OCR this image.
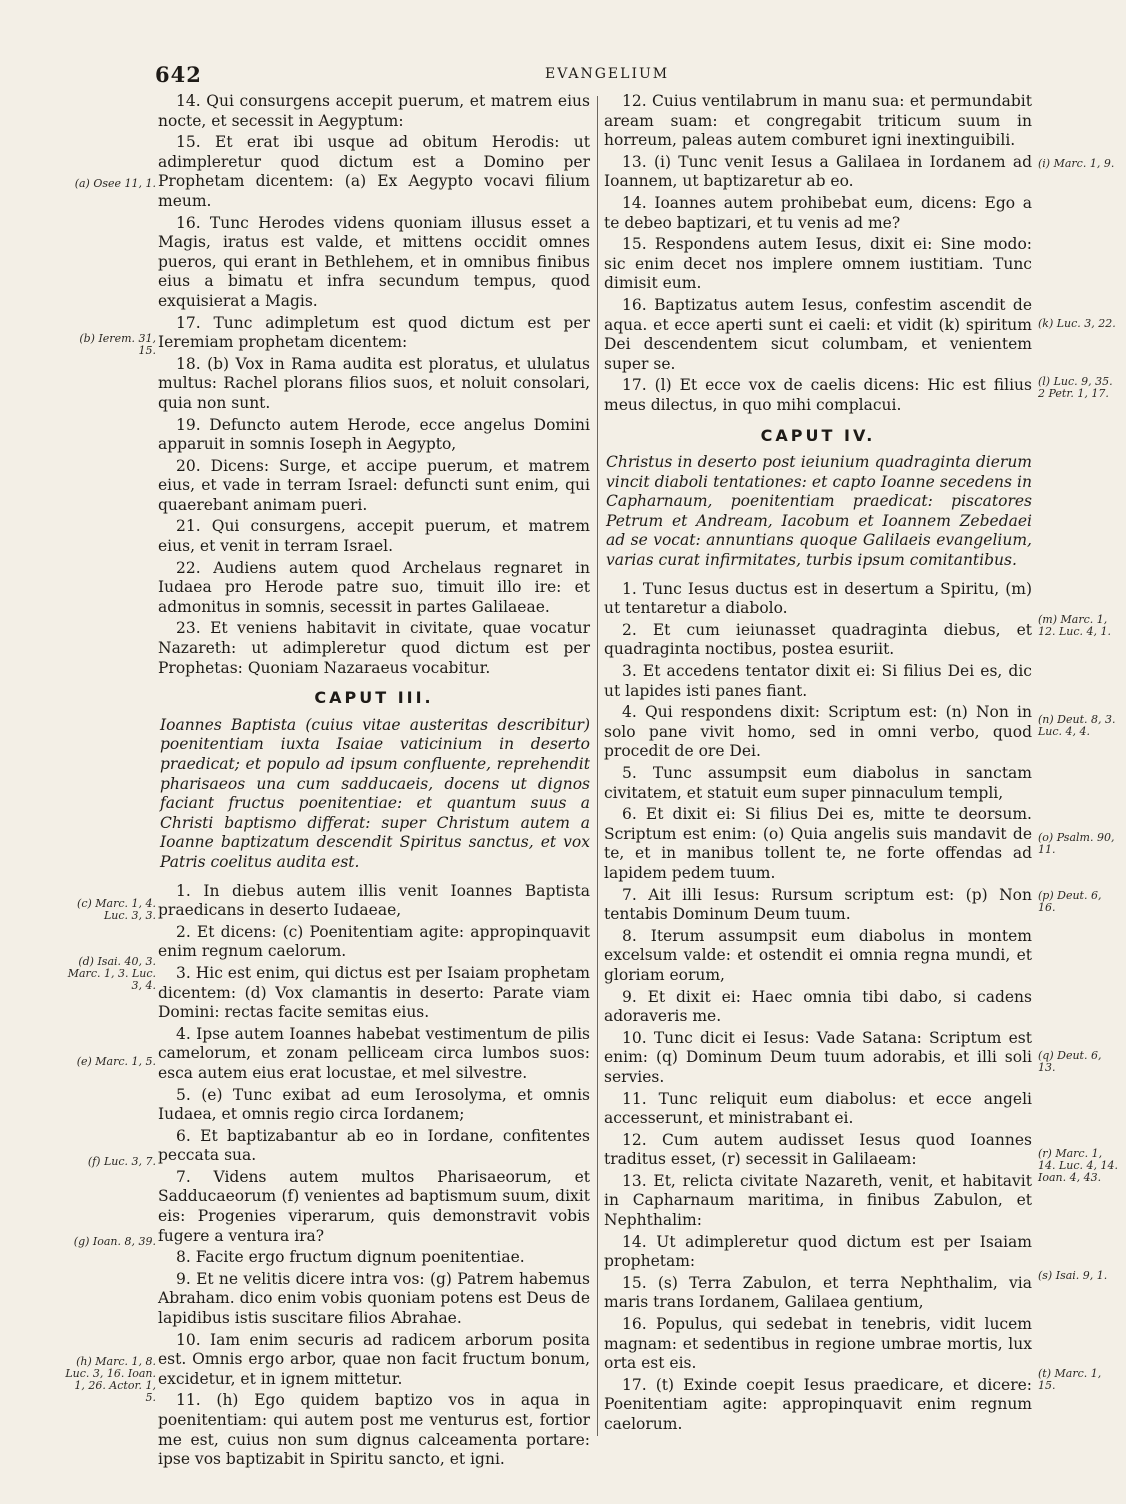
642	EVANGELIUM

14. Qui consurgens accepit puerum, et matrem eius nocte, et secessit in Aegyptum:

15. Et erat ibi usque ad obitum Herodis: ut adimpleretur quod dictum est a Domino per Prophetam dicentem: (a) Ex Aegypto vocavi filium meum.

16. Tunc Herodes videns quoniam illusus esset a Magis, iratus est valde, et mittens occidit omnes pueros, qui erant in Bethlehem, et in omnibus finibus eius a bimatu et infra secundum tempus, quod exquisierat a Magis.

17. Tunc adimpletum est quod dictum est per Ieremiam prophetam dicentem:

18. (b) Vox in Rama audita est ploratus, et ululatus multus: Rachel plorans filios suos, et noluit consolari, quia non sunt.

19. Defuncto autem Herode, ecce angelus Domini apparuit in somnis Ioseph in Aegypto,

20. Dicens: Surge, et accipe puerum, et matrem eius, et vade in terram Israel: defuncti sunt enim, qui quaerebant animam pueri.

21. Qui consurgens, accepit puerum, et matrem eius, et venit in terram Israel.

22. Audiens autem quod Archelaus regnaret in Iudaea pro Herode patre suo, timuit illo ire: et admonitus in somnis, secessit in partes Galilaeae.

23. Et veniens habitavit in civitate, quae vocatur Nazareth: ut adimpleretur quod dictum est per Prophetas: Quoniam Nazaraeus vocabitur.

CAPUT III.

Ioannes Baptista (cuius vitae austeritas describitur) poenitentiam iuxta Isaiae vaticinium in deserto praedicat; et populo ad ipsum confluente, reprehendit pharisaeos una cum sadducaeis, docens ut dignos faciant fructus poenitentiae: et quantum suus a Christi baptismo differat: super Christum autem a Ioanne baptizatum descendit Spiritus sanctus, et vox Patris coelitus audita est.

1. In diebus autem illis venit Ioannes Baptista praedicans in deserto Iudaeae,

2. Et dicens: (c) Poenitentiam agite: appropinquavit enim regnum caelorum.

3. Hic est enim, qui dictus est per Isaiam prophetam dicentem: (d) Vox clamantis in deserto: Parate viam Domini: rectas facite semitas eius.

4. Ipse autem Ioannes habebat vestimentum de pilis camelorum, et zonam pelliceam circa lumbos suos: esca autem eius erat locustae, et mel silvestre.

5. (e) Tunc exibat ad eum Ierosolyma, et omnis Iudaea, et omnis regio circa Iordanem;

6. Et baptizabantur ab eo in Iordane, confitentes peccata sua.

7. Videns autem multos Pharisaeorum, et Sadducaeorum (f) venientes ad baptismum suum, dixit eis: Progenies viperarum, quis demonstravit vobis fugere a ventura ira?

8. Facite ergo fructum dignum poenitentiae.

9. Et ne velitis dicere intra vos: (g) Patrem habemus Abraham. dico enim vobis quoniam potens est Deus de lapidibus istis suscitare filios Abrahae.

10. Iam enim securis ad radicem arborum posita est. Omnis ergo arbor, quae non facit fructum bonum, excidetur, et in ignem mittetur.

11. (h) Ego quidem baptizo vos in aqua in poenitentiam: qui autem post me venturus est, fortior me est, cuius non sum dignus calceamenta portare: ipse vos baptizabit in Spiritu sancto, et igni.

12. Cuius ventilabrum in manu sua: et permundabit aream suam: et congregabit triticum suum in horreum, paleas autem comburet igni inextinguibili.

13. (i) Tunc venit Iesus a Galilaea in Iordanem ad Ioannem, ut baptizaretur ab eo.

14. Ioannes autem prohibebat eum, dicens: Ego a te debeo baptizari, et tu venis ad me?

15. Respondens autem Iesus, dixit ei: Sine modo: sic enim decet nos implere omnem iustitiam. Tunc dimisit eum.

16. Baptizatus autem Iesus, confestim ascendit de aqua. et ecce aperti sunt ei caeli: et vidit (k) spiritum Dei descendentem sicut columbam, et venientem super se.

17. (l) Et ecce vox de caelis dicens: Hic est filius meus dilectus, in quo mihi complacui.

CAPUT IV.

Christus in deserto post ieiunium quadraginta dierum vincit diaboli tentationes: et capto Ioanne secedens in Capharnaum, poenitentiam praedicat: piscatores Petrum et Andream, Iacobum et Ioannem Zebedaei ad se vocat: annuntians quoque Galilaeis evangelium, varias curat infirmitates, turbis ipsum comitantibus.

1. Tunc Iesus ductus est in desertum a Spiritu, (m) ut tentaretur a diabolo.

2. Et cum ieiunasset quadraginta diebus, et quadraginta noctibus, postea esuriit.

3. Et accedens tentator dixit ei: Si filius Dei es, dic ut lapides isti panes fiant.

4. Qui respondens dixit: Scriptum est: (n) Non in solo pane vivit homo, sed in omni verbo, quod procedit de ore Dei.

5. Tunc assumpsit eum diabolus in sanctam civitatem, et statuit eum super pinnaculum templi,

6. Et dixit ei: Si filius Dei es, mitte te deorsum. Scriptum est enim: (o) Quia angelis suis mandavit de te, et in manibus tollent te, ne forte offendas ad lapidem pedem tuum.

7. Ait illi Iesus: Rursum scriptum est: (p) Non tentabis Dominum Deum tuum.

8. Iterum assumpsit eum diabolus in montem excelsum valde: et ostendit ei omnia regna mundi, et gloriam eorum,

9. Et dixit ei: Haec omnia tibi dabo, si cadens adoraveris me.

10. Tunc dicit ei Iesus: Vade Satana: Scriptum est enim: (q) Dominum Deum tuum adorabis, et illi soli servies.

11. Tunc reliquit eum diabolus: et ecce angeli accesserunt, et ministrabant ei.

12. Cum autem audisset Iesus quod Ioannes traditus esset, (r) secessit in Galilaeam:

13. Et, relicta civitate Nazareth, venit, et habitavit in Capharnaum maritima, in finibus Zabulon, et Nephthalim:

14. Ut adimpleretur quod dictum est per Isaiam prophetam:

15. (s) Terra Zabulon, et terra Nephthalim, via maris trans Iordanem, Galilaea gentium,

16. Populus, qui sedebat in tenebris, vidit lucem magnam: et sedentibus in regione umbrae mortis, lux orta est eis.

17. (t) Exinde coepit Iesus praedicare, et dicere: Poenitentiam agite: appropinquavit enim regnum caelorum.

(a) Osee 11, 1.
(b) Ierem. 31, 15.
(c) Marc. 1, 4. Luc. 3, 3.
(d) Isai. 40, 3. Marc. 1, 3. Luc. 3, 4.
(e) Marc. 1, 5.
(f) Luc. 3, 7.
(g) Ioan. 8, 39.
(h) Marc. 1, 8. Luc. 3, 16. Ioan. 1, 26. Actor. 1, 5.
(i) Marc. 1, 9.
(k) Luc. 3, 22.
(l) Luc. 9, 35. 2 Petr. 1, 17.
(m) Marc. 1, 12. Luc. 4, 1.
(n) Deut. 8, 3. Luc. 4, 4.
(o) Psalm. 90, 11.
(p) Deut. 6, 16.
(q) Deut. 6, 13.
(r) Marc. 1, 14. Luc. 4, 14. Ioan. 4, 43.
(s) Isai. 9, 1.
(t) Marc. 1, 15.
